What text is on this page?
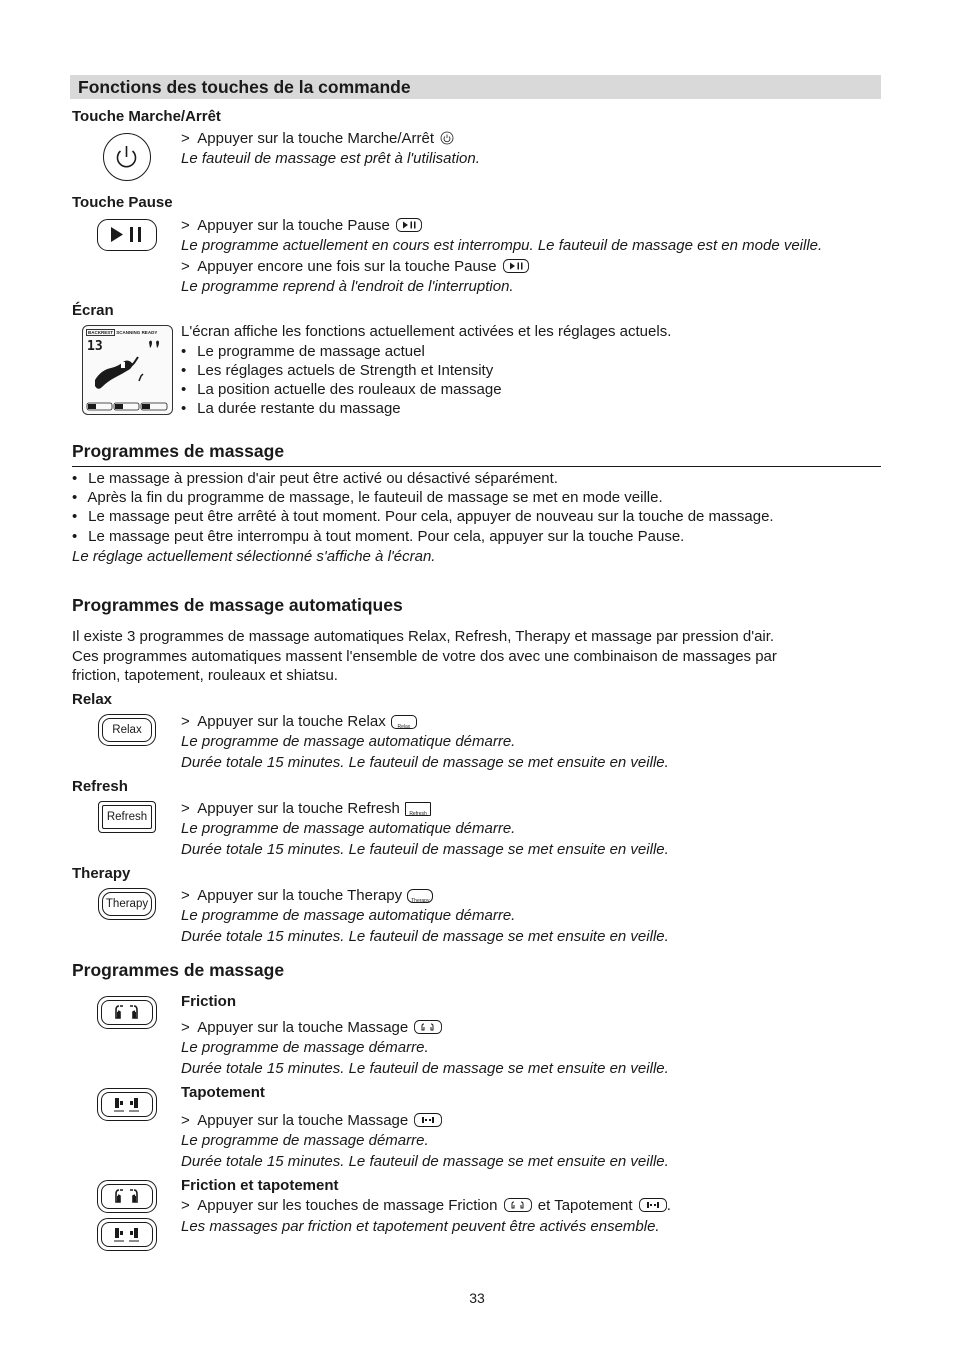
Fonctions des touches de la commande
Touche Marche/Arrêt
>  Appuyer sur la touche Marche/Arrêt
Le fauteuil de massage est prêt à l'utilisation.
Touche Pause
>  Appuyer sur la touche Pause
Le programme actuellement en cours est interrompu. Le fauteuil de massage est en mode veille.
>  Appuyer encore une fois sur la touche Pause
Le programme reprend à l'endroit de l'interruption.
Écran
BACKREST SCANNING READY
13
L'écran affiche les fonctions actuellement activées et les réglages actuels.
• Le programme de massage actuel
• Les réglages actuels de Strength et Intensity
• La position actuelle des rouleaux de massage
• La durée restante du massage
Programmes de massage
• Le massage à pression d'air peut être activé ou désactivé séparément.
• Après la fin du programme de massage, le fauteuil de massage se met en mode veille.
• Le massage peut être arrêté à tout moment. Pour cela, appuyer de nouveau sur la touche de massage.
• Le massage peut être interrompu à tout moment. Pour cela, appuyer sur la touche Pause.
Le réglage actuellement sélectionné s'affiche à l'écran.
Programmes de massage automatiques
Il existe 3 programmes de massage automatiques Relax, Refresh, Therapy et massage par pression d'air.
Ces programmes automatiques massent l'ensemble de votre dos avec une combinaison de massages par
friction, tapotement, rouleaux et shiatsu.
Relax
Relax	>  Appuyer sur la touche Relax	Relax
Le programme de massage automatique démarre.
Durée totale 15 minutes. Le fauteuil de massage se met ensuite en veille.
Refresh
Refresh	>  Appuyer sur la touche Refresh	Refresh
Le programme de massage automatique démarre.
Durée totale 15 minutes. Le fauteuil de massage se met ensuite en veille.
Therapy
Therapy	>  Appuyer sur la touche Therapy	Therapy
Le programme de massage automatique démarre.
Durée totale 15 minutes. Le fauteuil de massage se met ensuite en veille.
Programmes de massage
Friction
>  Appuyer sur la touche Massage
Le programme de massage démarre.
Durée totale 15 minutes. Le fauteuil de massage se met ensuite en veille.
Tapotement
>  Appuyer sur la touche Massage
Le programme de massage démarre.
Durée totale 15 minutes. Le fauteuil de massage se met ensuite en veille.
Friction et tapotement
>  Appuyer sur les touches de massage Friction	et Tapotement .
Les massages par friction et tapotement peuvent être activés ensemble.
33
